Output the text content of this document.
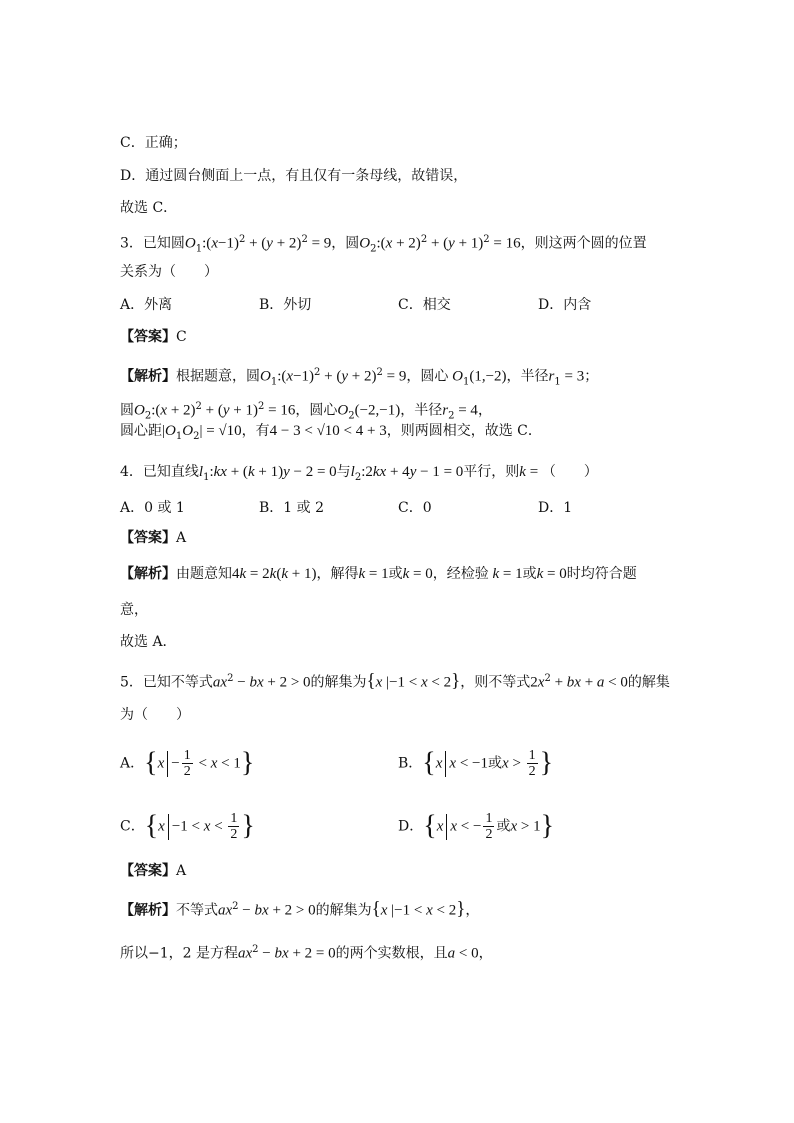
C．正确；
D．通过圆台侧面上一点，有且仅有一条母线，故错误，
故选 C．
3．已知圆$O_1:(x-1)^2 + (y + 2)^2 = 9$，圆$O_2:(x + 2)^2 + (y + 1)^2 = 16$，则这两个圆的位置
关系为（　　）
A．外离	B．外切	C．相交	D．内含
【答案】C
【解析】根据题意，圆$O_1:(x-1)^2 + (y + 2)^2 = 9$，圆心 $O_1(1,-2)$，半径$r_1 = 3$；
圆$O_2:(x + 2)^2 + (y + 1)^2 = 16$，圆心$O_2(-2,-1)$，半径$r_2 = 4$，
圆心距$|O_1O_2| = √10$，有4 − 3 < √10 < 4 + 3，则两圆相交，故选 C．
4．已知直线$l_1:kx + (k + 1)y - 2 = 0$与$l_2:2kx + 4y - 1 = 0$平行，则k = （　　）
A．0 或 1	B．1 或 2	C．0	D．1
【答案】A
【解析】由题意知4k = 2k(k + 1)，解得k = 1或k = 0，经检验 k = 1或k = 0时均符合题
意，
故选 A．
5．已知不等式$ax^2$ − bx + 2 > 0的解集为{x |−1 < x < 2}，则不等式$2x^2$ + bx + a < 0的解集
为（　　）
A．$\{x - \frac{1}{2} < x < 1\}$	B．{x x < −1或$x > \frac{1}{2}$ }
C．{$x -1 < x < \frac{1}{2}$ }	D．{x x < − $\frac{1}{2}$ 或x > 1}
【答案】A
【解析】不等式$ax^2$ − bx + 2 > 0的解集为{x |−1 < x < 2}，
所以−1，2 是方程$ax^2$ − bx + 2 = 0的两个实数根，且a < 0，
